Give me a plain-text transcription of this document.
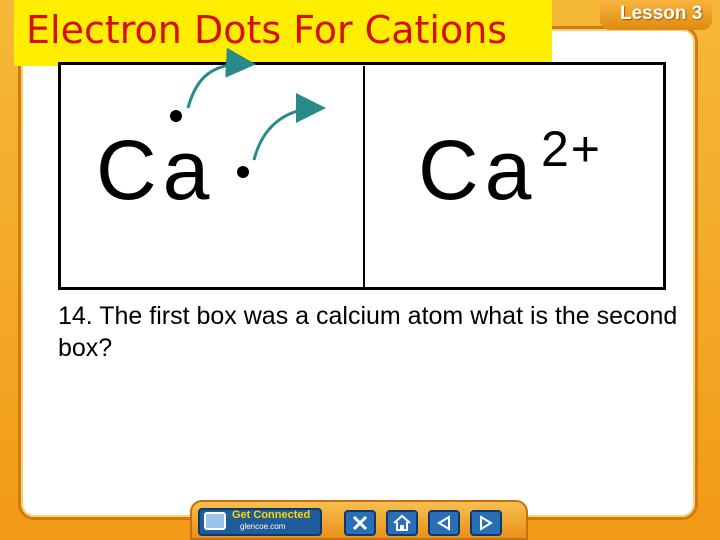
Lesson 3
Electron Dots For Cations
Ca Ca 2+
14. The first box was a calcium atom what is the second box?
Get Connected
glencoe.com
